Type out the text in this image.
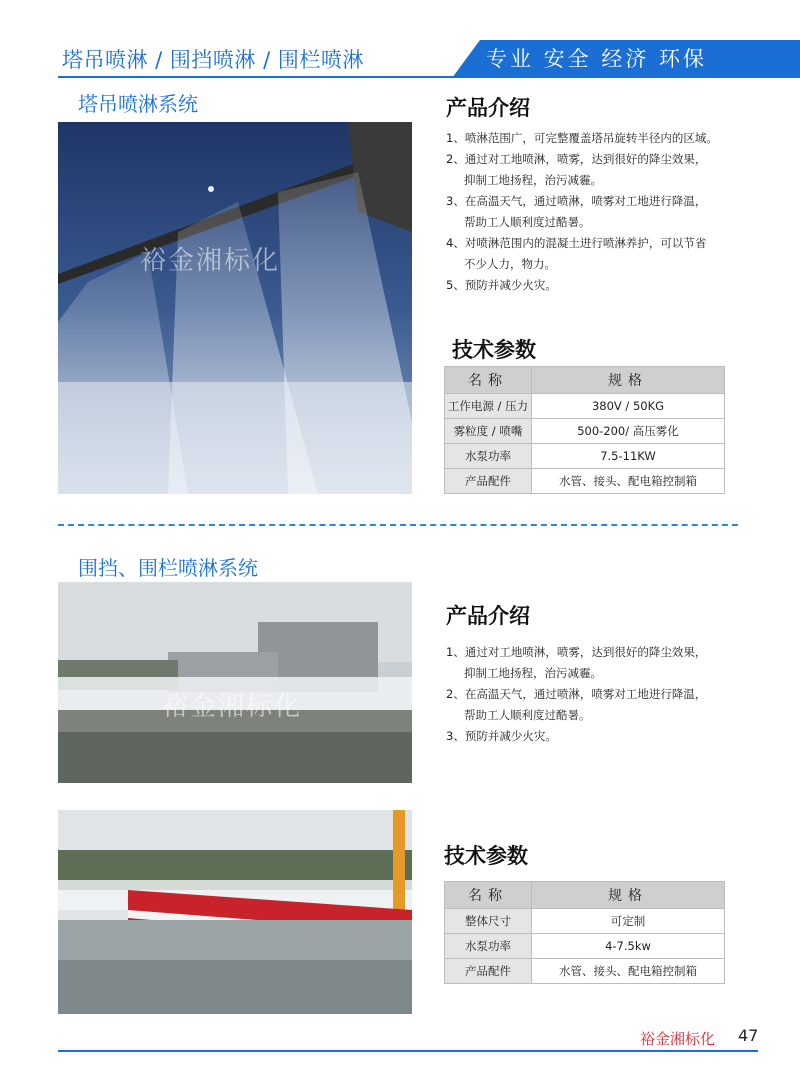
塔吊喷淋 / 围挡喷淋 / 围栏喷淋	专业 安全 经济 环保
塔吊喷淋系统
裕金湘标化
产品介绍
1、喷淋范围广，可完整覆盖塔吊旋转半径内的区域。
2、通过对工地喷淋，喷雾，达到很好的降尘效果，
抑制工地扬程，治污减霾。
3、在高温天气，通过喷淋，喷雾对工地进行降温，
帮助工人顺利度过酷暑。
4、对喷淋范围内的混凝土进行喷淋养护，可以节省
不少人力，物力。
5、预防并减少火灾。
技术参数
名称	规格
工作电源 / 压力	380V / 50KG
雾粒度 / 喷嘴	500-200/ 高压雾化
水泵功率	7.5-11KW
产品配件	水管、接头、配电箱控制箱
围挡、围栏喷淋系统
裕金湘标化
产品介绍
1、通过对工地喷淋，喷雾，达到很好的降尘效果，
抑制工地扬程，治污减霾。
2、在高温天气，通过喷淋，喷雾对工地进行降温，
帮助工人顺利度过酷暑。
3、预防并减少火灾。
技术参数
名称	规格
整体尺寸	可定制
水泵功率	4-7.5kw
产品配件	水管、接头、配电箱控制箱
裕金湘标化 47
